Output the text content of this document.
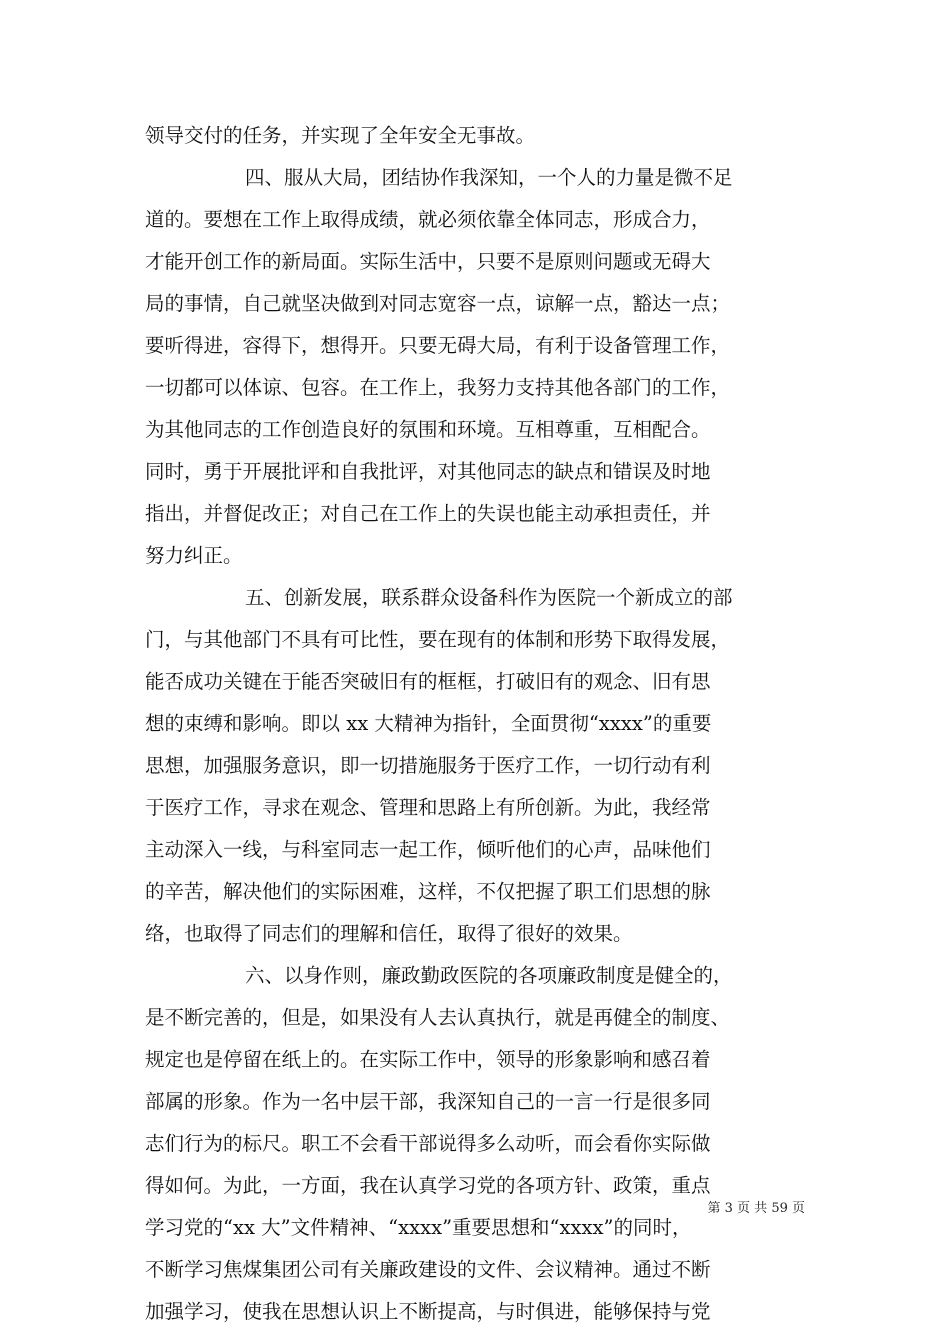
领导交付的任务，并实现了全年安全无事故。
四、服从大局，团结协作我深知，一个人的力量是微不足
道的。要想在工作上取得成绩，就必须依靠全体同志，形成合力，
才能开创工作的新局面。实际生活中，只要不是原则问题或无碍大
局的事情，自己就坚决做到对同志宽容一点，谅解一点，豁达一点；
要听得进，容得下，想得开。只要无碍大局，有利于设备管理工作，
一切都可以体谅、包容。在工作上，我努力支持其他各部门的工作，
为其他同志的工作创造良好的氛围和环境。互相尊重，互相配合。
同时，勇于开展批评和自我批评，对其他同志的缺点和错误及时地
指出，并督促改正；对自己在工作上的失误也能主动承担责任，并
努力纠正。
五、创新发展，联系群众设备科作为医院一个新成立的部
门，与其他部门不具有可比性，要在现有的体制和形势下取得发展，
能否成功关键在于能否突破旧有的框框，打破旧有的观念、旧有思
想的束缚和影响。即以 xx 大精神为指针，全面贯彻“xxxx”的重要
思想，加强服务意识，即一切措施服务于医疗工作，一切行动有利
于医疗工作，寻求在观念、管理和思路上有所创新。为此，我经常
主动深入一线，与科室同志一起工作，倾听他们的心声，品味他们
的辛苦，解决他们的实际困难，这样，不仅把握了职工们思想的脉
络，也取得了同志们的理解和信任，取得了很好的效果。
六、以身作则，廉政勤政医院的各项廉政制度是健全的，
是不断完善的，但是，如果没有人去认真执行，就是再健全的制度、
规定也是停留在纸上的。在实际工作中，领导的形象影响和感召着
部属的形象。作为一名中层干部，我深知自己的一言一行是很多同
志们行为的标尺。职工不会看干部说得多么动听，而会看你实际做
得如何。为此，一方面，我在认真学习党的各项方针、政策，重点
学习党的“xx 大”文件精神、“xxxx”重要思想和“xxxx”的同时，
不断学习焦煤集团公司有关廉政建设的文件、会议精神。通过不断
加强学习，使我在思想认识上不断提高，与时俱进，能够保持与党
第 3 页 共 59 页
